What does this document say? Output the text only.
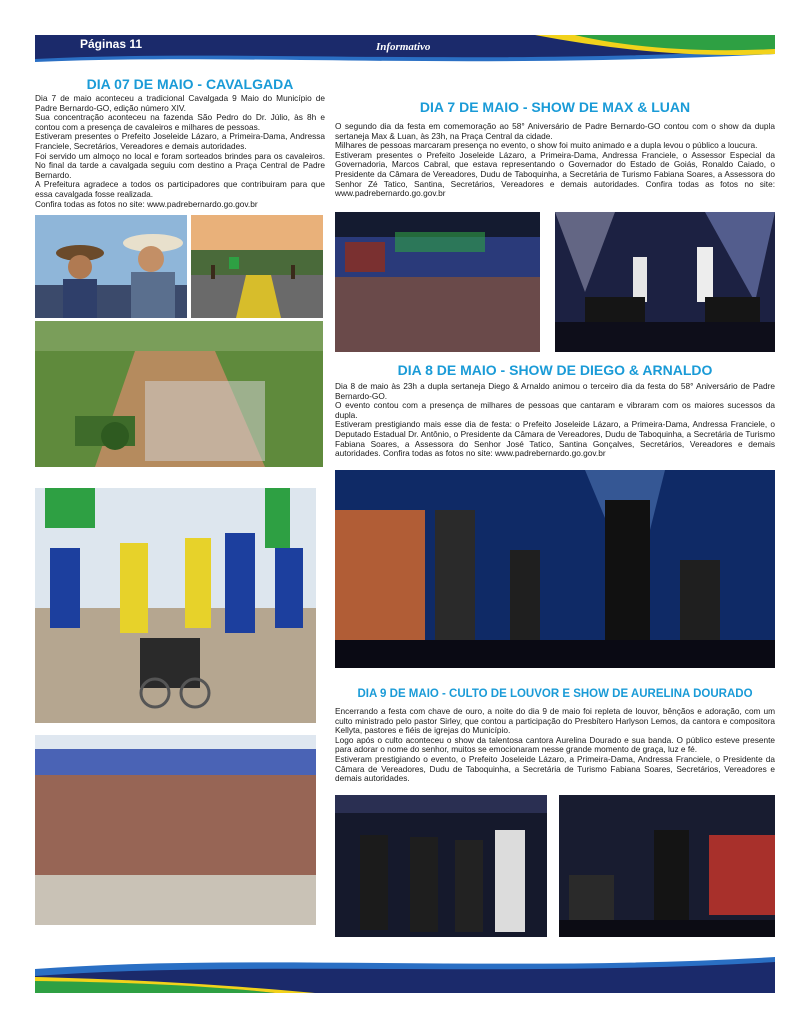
Páginas 11	Informativo
DIA 07 DE MAIO - CAVALGADA

Dia 7 de maio aconteceu a tradicional Cavalgada 9 Maio do Município de Padre Bernardo-GO, edição número XIV.

Sua concentração aconteceu na fazenda São Pedro do Dr. Júlio, às 8h e contou com a presença de cavaleiros e milhares de pessoas.

Estiveram presentes o Prefeito Joseleide Lázaro, a Primeira-Dama, Andressa Franciele, Secretários, Vereadores e demais autoridades.

Foi servido um almoço no local e foram sorteados brindes para os cavaleiros. No final da tarde a cavalgada seguiu com destino a Praça Central de Padre Bernardo.

A Prefeitura agradece a todos os participadores que contribuiram para que essa cavalgada fosse realizada.

Confira todas as fotos no site: www.padrebernardo.go.gov.br

DIA 7 DE MAIO - SHOW DE MAX & LUAN

O segundo dia da festa em comemoração ao 58° Aniversário de Padre Bernardo-GO contou com o show da dupla sertaneja Max & Luan, às 23h, na Praça Central da cidade.

Milhares de pessoas marcaram presença no evento, o show foi muito animado e a dupla levou o público a loucura.

Estiveram presentes o Prefeito Joseleide Lázaro, a Primeira-Dama, Andressa Franciele, o Assessor Especial da Governadoria, Marcos Cabral, que estava representando o Governador do Estado de Goiás, Ronaldo Caiado, o Presidente da Câmara de Vereadores, Dudu de Taboquinha, a Secretária de Turismo Fabiana Soares, a Assessora do Senhor Zé Tatico, Santina, Secretários, Vereadores e demais autoridades. Confira todas as fotos no site: www.padrebernardo.go.gov.br

DIA 8 DE MAIO - SHOW DE DIEGO & ARNALDO

Dia 8 de maio às 23h a dupla sertaneja Diego & Arnaldo animou o terceiro dia da festa do 58° Aniversário de Padre Bernardo-GO.

O evento contou com a presença de milhares de pessoas que cantaram e vibraram com os maiores sucessos da dupla.

Estiveram prestigiando mais esse dia de festa: o Prefeito Joseleide Lázaro, a Primeira-Dama, Andressa Franciele, o Deputado Estadual Dr. Antônio, o Presidente da Câmara de Vereadores, Dudu de Taboquinha, a Secretária de Turismo Fabiana Soares, a Assessora do Senhor José Tatico, Santina Gonçalves, Secretários, Vereadores e demais autoridades. Confira todas as fotos no site: www.padrebernardo.go.gov.br

DIA 9 DE MAIO - CULTO DE LOUVOR E SHOW DE AURELINA DOURADO

Encerrando a festa com chave de ouro, a noite do dia 9 de maio foi repleta de louvor, bênçãos e adoração, com um culto ministrado pelo pastor Sirley, que contou a participação do Presbítero Harlyson Lemos, da cantora e compositora Kellyta, pastores e fiéis de igrejas do Município.

Logo após o culto aconteceu o show da talentosa cantora Aurelina Dourado e sua banda. O público esteve presente para adorar o nome do senhor, muitos se emocionaram nesse grande momento de graça, luz e fé.

Estiveram prestigiando o evento, o Prefeito Joseleide Lázaro, a Primeira-Dama, Andressa Franciele, o Presidente da Câmara de Vereadores, Dudu de Taboquinha, a Secretária de Turismo Fabiana Soares, Secretários, Vereadores e demais autoridades.
